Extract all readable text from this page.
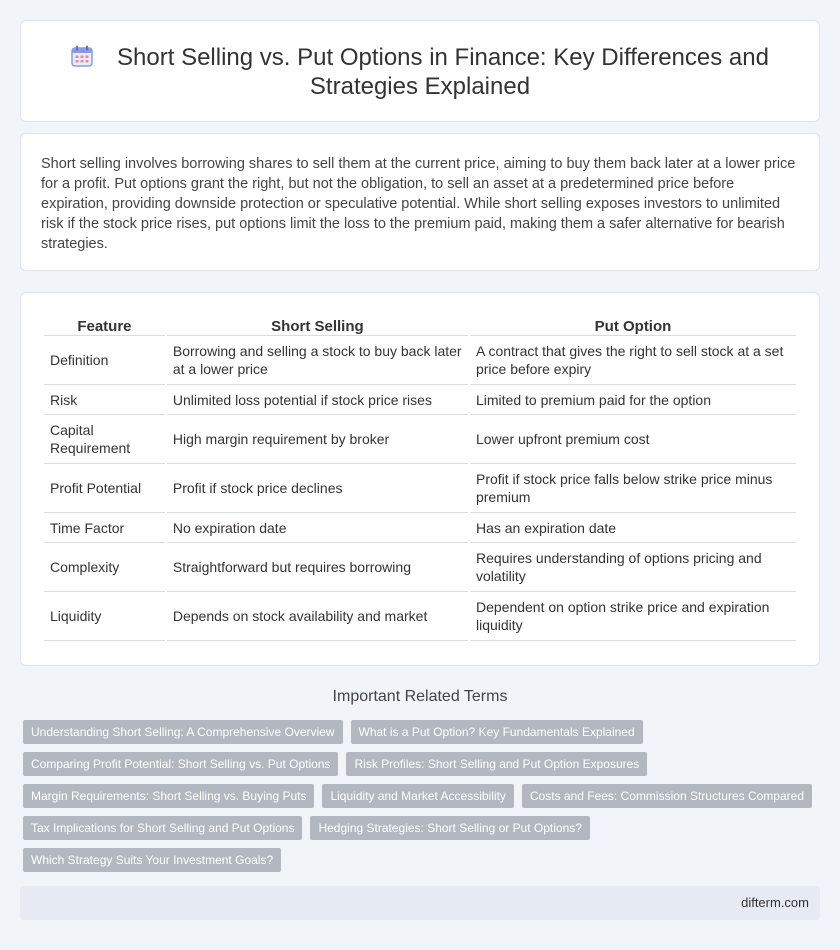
Short Selling vs. Put Options in Finance: Key Differences and
Strategies Explained

Short selling involves borrowing shares to sell them at the current price, aiming to buy them back later at a lower price for a profit. Put options grant the right, but not the obligation, to sell an asset at a predetermined price before expiration, providing downside protection or speculative potential. While short selling exposes investors to unlimited risk if the stock price rises, put options limit the loss to the premium paid, making them a safer alternative for bearish strategies.

Feature	Short Selling	Put Option
Definition	Borrowing and selling a stock to buy back later at a lower price	A contract that gives the right to sell stock at a set price before expiry
Risk	Unlimited loss potential if stock price rises	Limited to premium paid for the option
Capital Requirement	High margin requirement by broker	Lower upfront premium cost
Profit Potential	Profit if stock price declines	Profit if stock price falls below strike price minus premium
Time Factor	No expiration date	Has an expiration date
Complexity	Straightforward but requires borrowing	Requires understanding of options pricing and volatility
Liquidity	Depends on stock availability and market	Dependent on option strike price and expiration liquidity
Important Related Terms
Understanding Short Selling: A Comprehensive Overview	What is a Put Option? Key Fundamentals Explained
Comparing Profit Potential: Short Selling vs. Put Options	Risk Profiles: Short Selling and Put Option Exposures
Margin Requirements: Short Selling vs. Buying Puts	Liquidity and Market Accessibility	Costs and Fees: Commission Structures Compared
Tax Implications for Short Selling and Put Options	Hedging Strategies: Short Selling or Put Options?
Which Strategy Suits Your Investment Goals?
difterm.com
